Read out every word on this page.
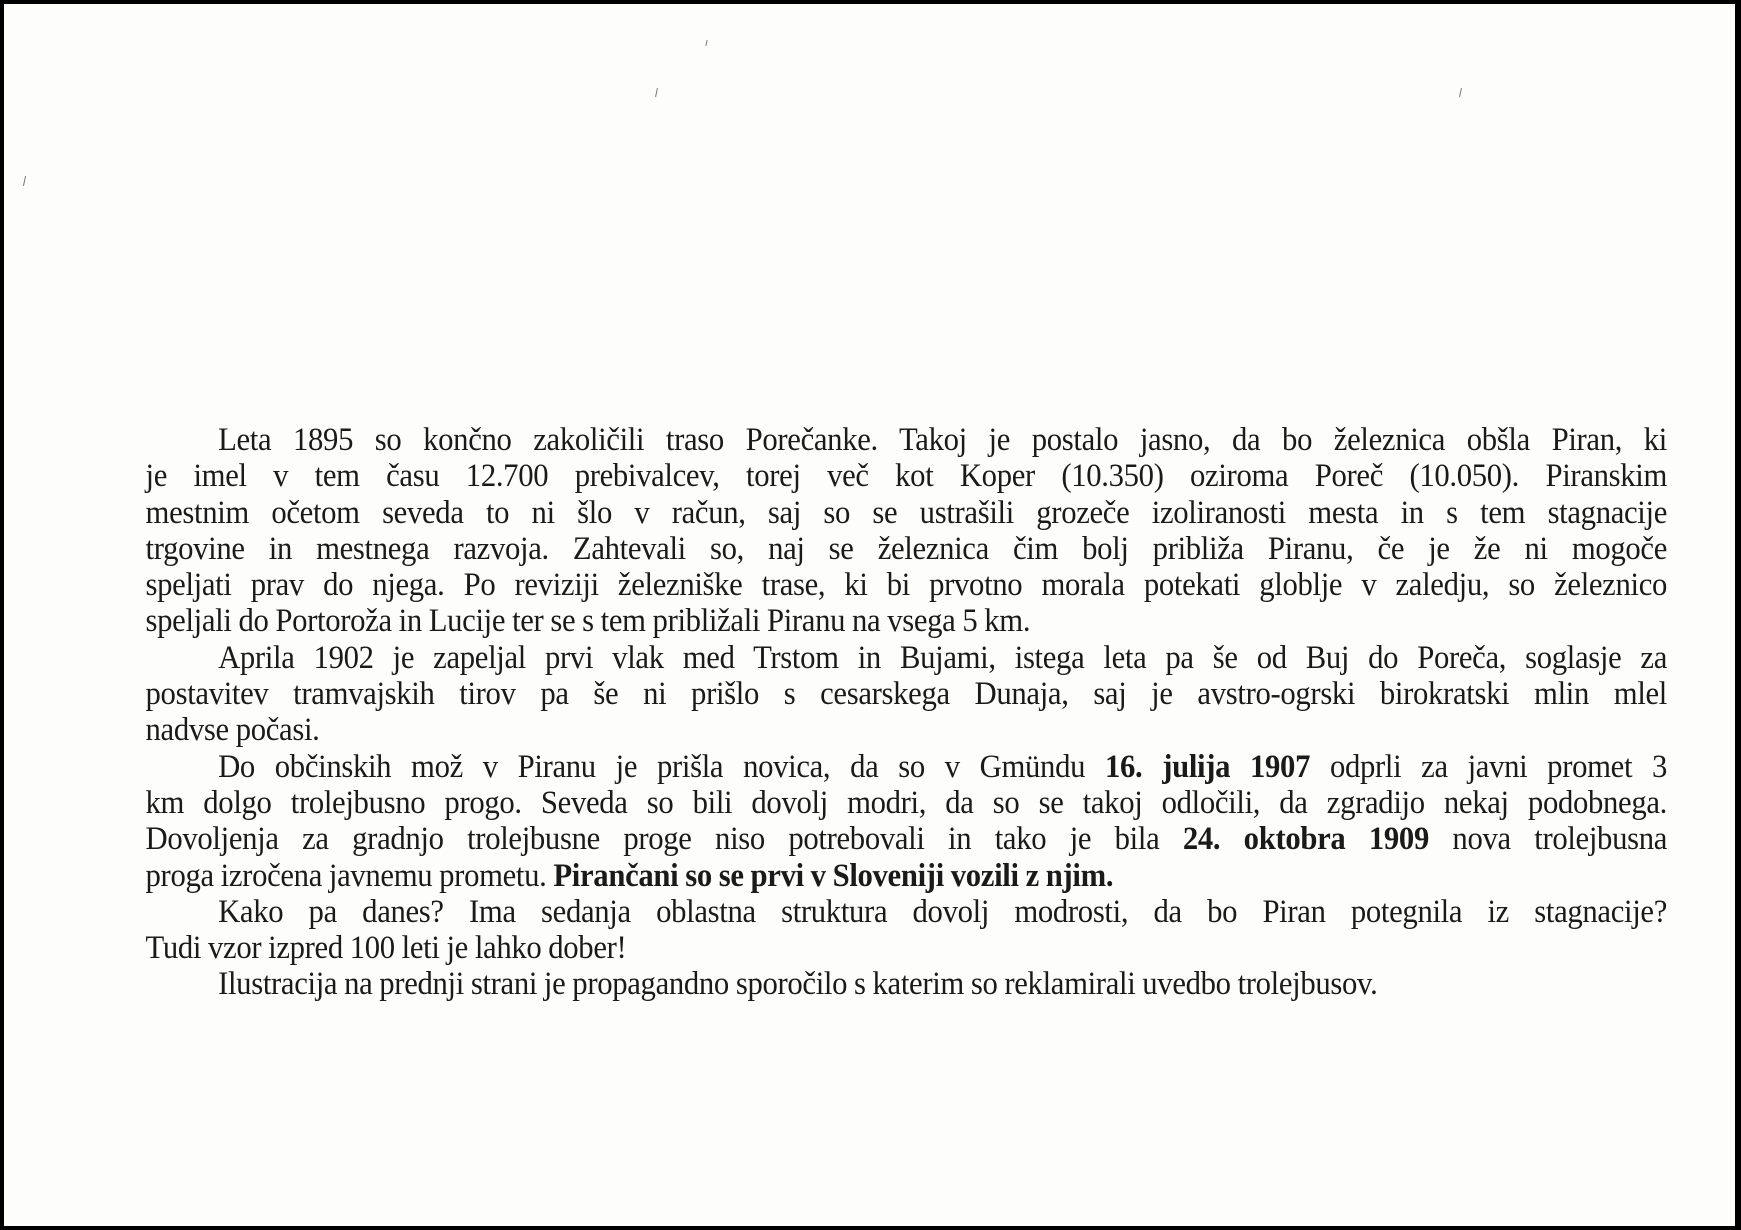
Leta 1895 so končno zakoličili traso Porečanke. Takoj je postalo jasno, da bo železnica obšla Piran, ki
je imel v tem času 12.700 prebivalcev, torej več kot Koper (10.350) oziroma Poreč (10.050). Piranskim
mestnim očetom seveda to ni šlo v račun, saj so se ustrašili grozeče izoliranosti mesta in s tem stagnacije
trgovine in mestnega razvoja. Zahtevali so, naj se železnica čim bolj približa Piranu, če je že ni mogoče
speljati prav do njega. Po reviziji železniške trase, ki bi prvotno morala potekati globlje v zaledju, so železnico
speljali do Portoroža in Lucije ter se s tem približali Piranu na vsega 5 km.
Aprila 1902 je zapeljal prvi vlak med Trstom in Bujami, istega leta pa še od Buj do Poreča, soglasje za
postavitev tramvajskih tirov pa še ni prišlo s cesarskega Dunaja, saj je avstro-ogrski birokratski mlin mlel
nadvse počasi.
Do občinskih mož v Piranu je prišla novica, da so v Gmündu 16. julija 1907 odprli za javni promet 3
km dolgo trolejbusno progo. Seveda so bili dovolj modri, da so se takoj odločili, da zgradijo nekaj podobnega.
Dovoljenja za gradnjo trolejbusne proge niso potrebovali in tako je bila 24. oktobra 1909 nova trolejbusna
proga izročena javnemu prometu. Pirančani so se prvi v Sloveniji vozili z njim.
Kako pa danes? Ima sedanja oblastna struktura dovolj modrosti, da bo Piran potegnila iz stagnacije?
Tudi vzor izpred 100 leti je lahko dober!
Ilustracija na prednji strani je propagandno sporočilo s katerim so reklamirali uvedbo trolejbusov.
